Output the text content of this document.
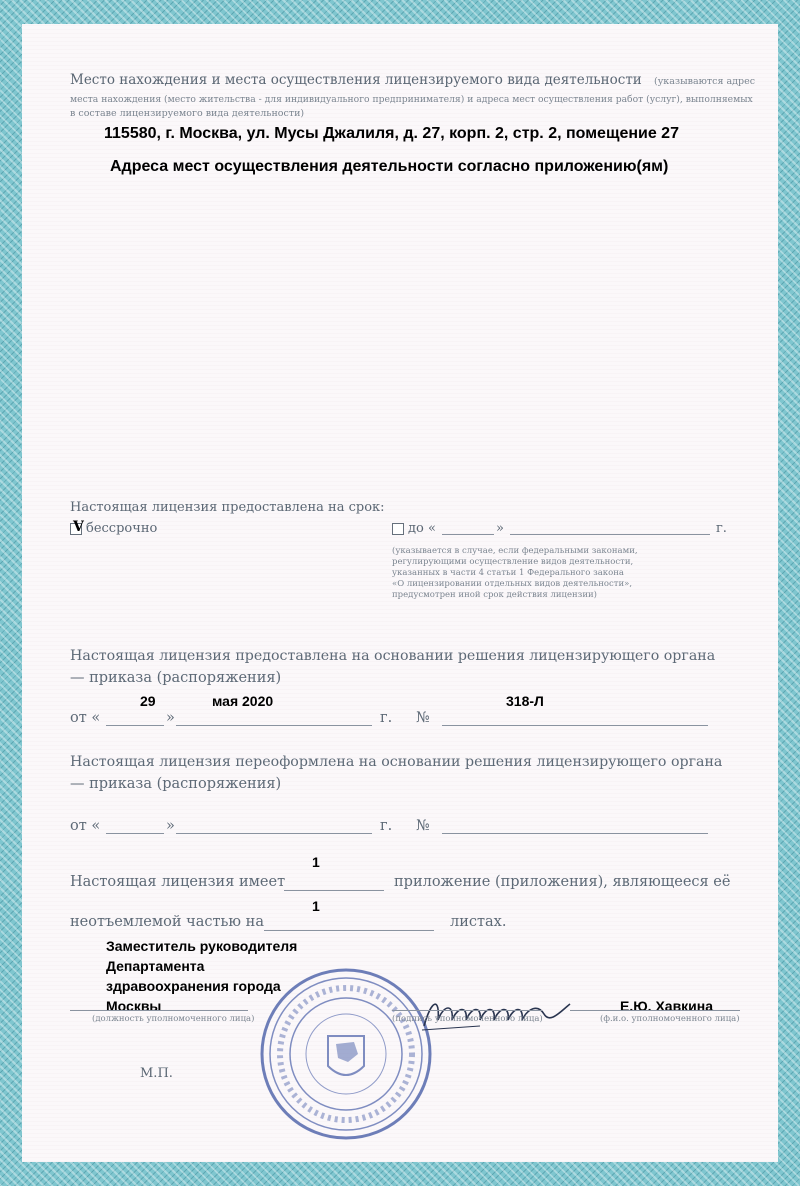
Место нахождения и места осуществления лицензируемого вида деятельности (указываются адрес
места нахождения (место жительства - для индивидуального предпринимателя) и адреса мест осуществления работ (услуг), выполняемых
в составе лицензируемого вида деятельности)
115580, г. Москва, ул. Мусы Джалиля, д. 27, корп. 2, стр. 2, помещение 27
Адреса мест осуществления деятельности согласно приложению(ям)
Настоящая лицензия предоставлена на срок:
V бессрочно	до «	»	г.
(указывается в случае, если федеральными законами,
регулирующими осуществление видов деятельности,
указанных в части 4 статьи 1 Федерального закона
«О лицензировании отдельных видов деятельности»,
предусмотрен иной срок действия лицензии)
Настоящая лицензия предоставлена на основании решения лицензирующего органа
— приказа (распоряжения)
29	мая 2020	318-Л
от «	»	г. №
Настоящая лицензия переоформлена на основании решения лицензирующего органа
— приказа (распоряжения)
от «	»	г. №
1
Настоящая лицензия имеет	приложение (приложения), являющееся её
1
неотъемлемой частью на	листах.
Заместитель руководителя
Департамента
здравоохранения города
Москвы	Е.Ю. Хавкина
(должность уполномоченного лица)	(подпись уполномоченного лица)	(ф.и.о. уполномоченного лица)
М.П.
